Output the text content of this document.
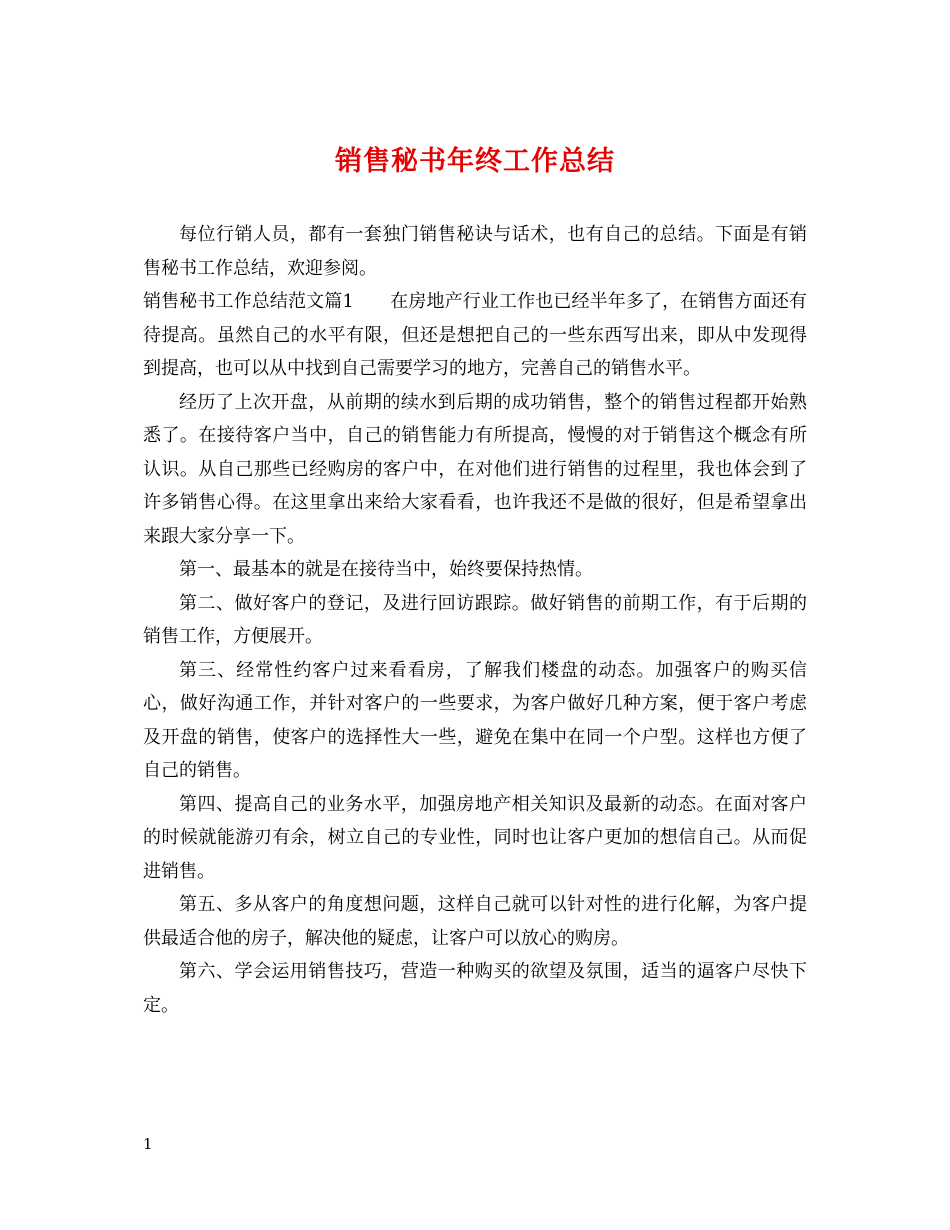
销售秘书年终工作总结

每位行销人员，都有一套独门销售秘诀与话术，也有自己的总结。下面是有销售秘书工作总结，欢迎参阅。

销售秘书工作总结范文篇1　　在房地产行业工作也已经半年多了，在销售方面还有待提高。虽然自己的水平有限，但还是想把自己的一些东西写出来，即从中发现得到提高，也可以从中找到自己需要学习的地方，完善自己的销售水平。

经历了上次开盘，从前期的续水到后期的成功销售，整个的销售过程都开始熟悉了。在接待客户当中，自己的销售能力有所提高，慢慢的对于销售这个概念有所认识。从自己那些已经购房的客户中，在对他们进行销售的过程里，我也体会到了许多销售心得。在这里拿出来给大家看看，也许我还不是做的很好，但是希望拿出来跟大家分享一下。

第一、最基本的就是在接待当中，始终要保持热情。

第二、做好客户的登记，及进行回访跟踪。做好销售的前期工作，有于后期的销售工作，方便展开。

第三、经常性约客户过来看看房，了解我们楼盘的动态。加强客户的购买信心，做好沟通工作，并针对客户的一些要求，为客户做好几种方案，便于客户考虑及开盘的销售，使客户的选择性大一些，避免在集中在同一个户型。这样也方便了自己的销售。

第四、提高自己的业务水平，加强房地产相关知识及最新的动态。在面对客户的时候就能游刃有余，树立自己的专业性，同时也让客户更加的想信自己。从而促进销售。

第五、多从客户的角度想问题，这样自己就可以针对性的进行化解，为客户提供最适合他的房子，解决他的疑虑，让客户可以放心的购房。

第六、学会运用销售技巧，营造一种购买的欲望及氛围，适当的逼客户尽快下定。

1
